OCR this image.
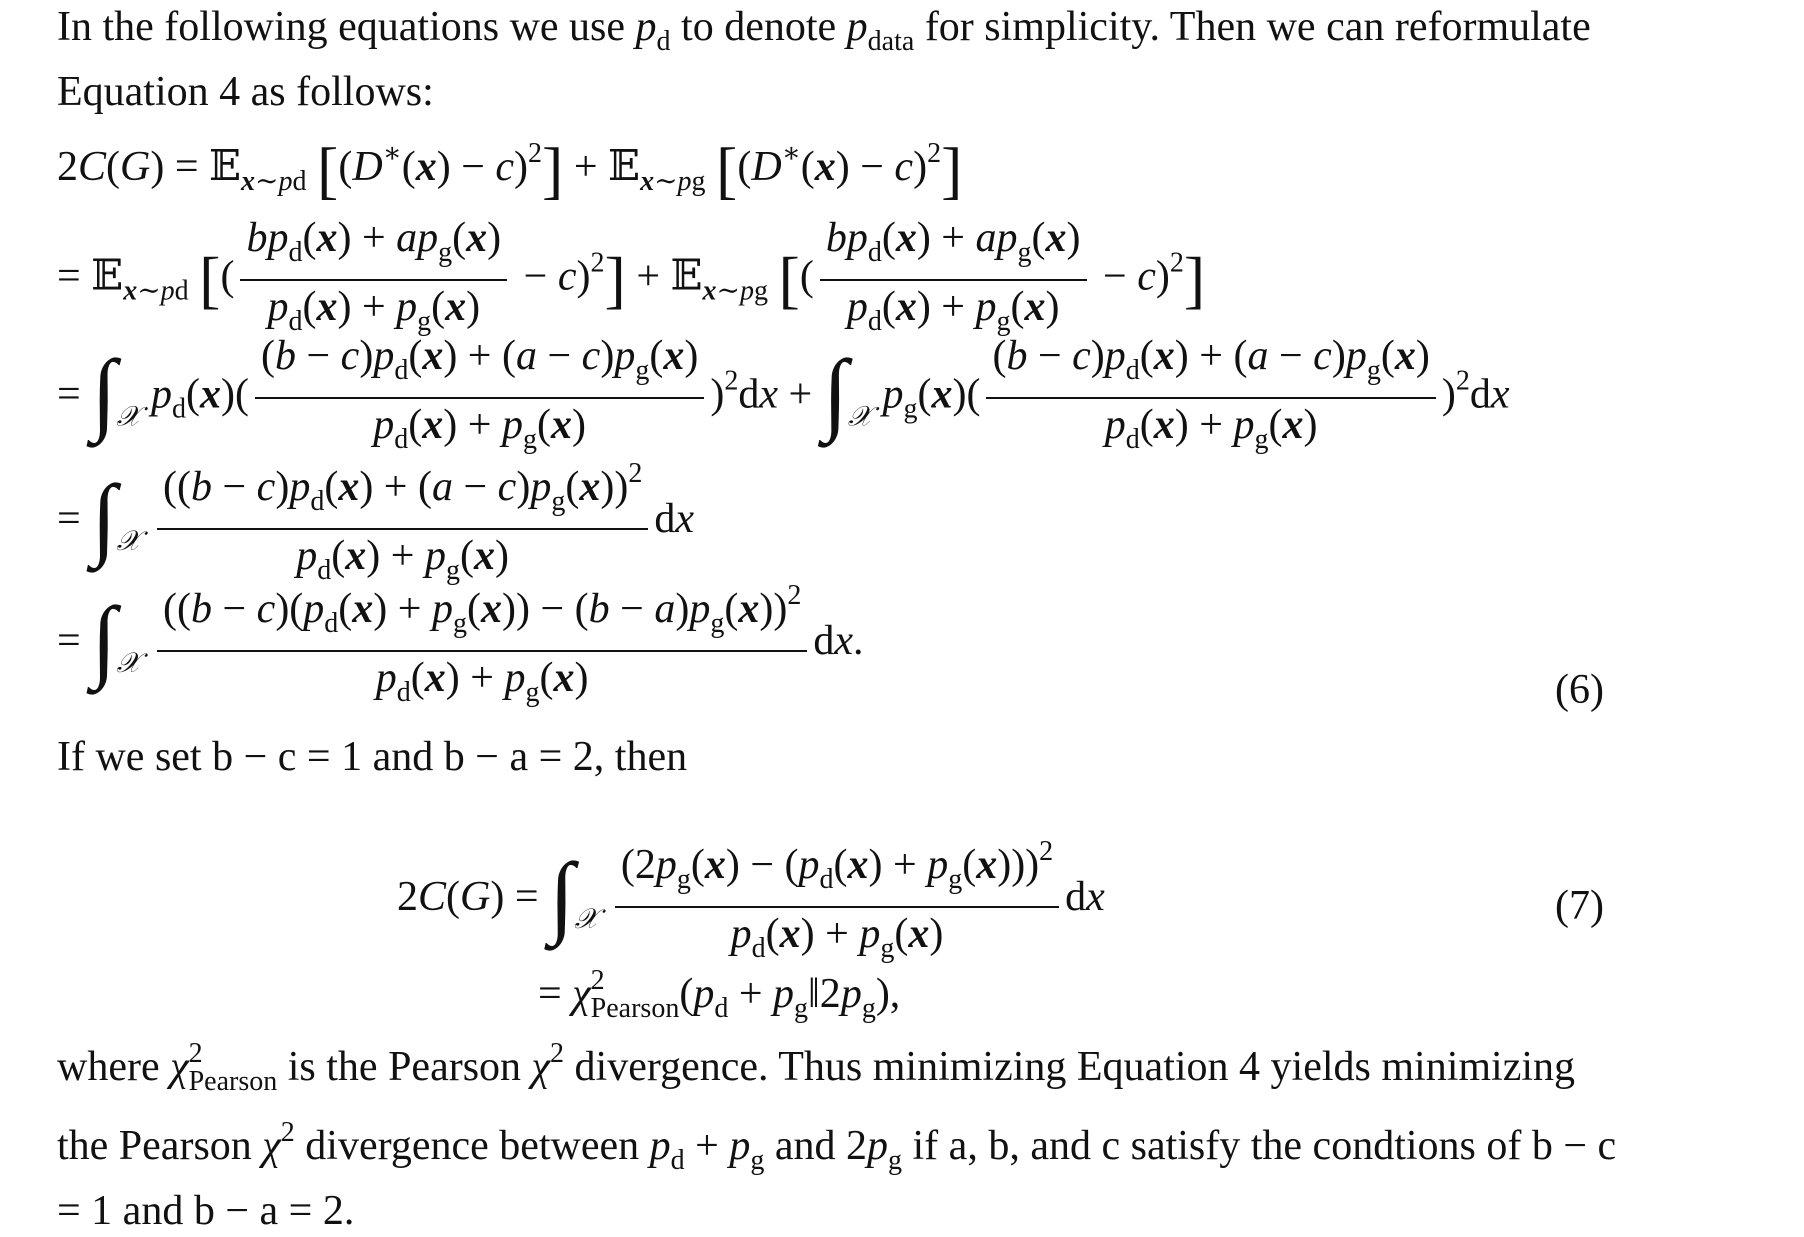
In the following equations we use $p_d$ to denote $p_{data}$ for simplicity. Then we can reformulate Equation 4 as follows:

2C(G) = 𝔼$_{x\sim pd}$ $[(D^∗(x) - c)^2]$ + 𝔼$_{x\sim pg}$ $[(D^∗(x) - c)^2]$
= 𝔼$_{x\sim pd}$ [( $\frac{bp_d(x) + ap_g(x)}{p_d(x) + p_g(x)} - c)^2$] + 𝔼$_{x\sim pg}$ [( $\frac{bp_d(x) + ap_g(x)}{p_d(x) + p_g(x)} - c)^2$]
= $\int_𝒳$ $p_d(x)( \frac{(b - c)p_d(x) + (a - c)p_g(x)}{p_d(x) + p_g(x)} )^2dx + \int_𝒳$ $p_g(x)( \frac{(b - c)p_d(x) + (a - c)p_g(x)}{p_d(x) + p_g(x)} )^2dx$
= $\int_𝒳 \frac{((b - c)p_d(x) + (a - c)p_g(x))^2}{p_d(x) + p_g(x)}$ dx
= $\int_𝒳 \frac{((b - c)(p_d(x) + p_g(x)) - (b - a)p_g(x))^2}{p_d(x) + p_g(x)}$ dx.
(6)

If we set b − c = 1 and b − a = 2, then

$2C(G) = \int_𝒳 \frac{(2p_g(x) - (p_d(x) + p_g(x)))^2}{p_d(x) + p_g(x)}$ dx	(7)
= $\chi^2_{Pearson}(p_d$ + $p_g‖2p_g$),

where $\chi^2_{Pearson}$ is the Pearson $\chi^2$ divergence. Thus minimizing Equation 4 yields minimizing the Pearson $\chi^2$ divergence between $p_d + p_g$ and $2p_g$ if a, b, and c satisfy the condtions of b − c = 1 and b − a = 2.
